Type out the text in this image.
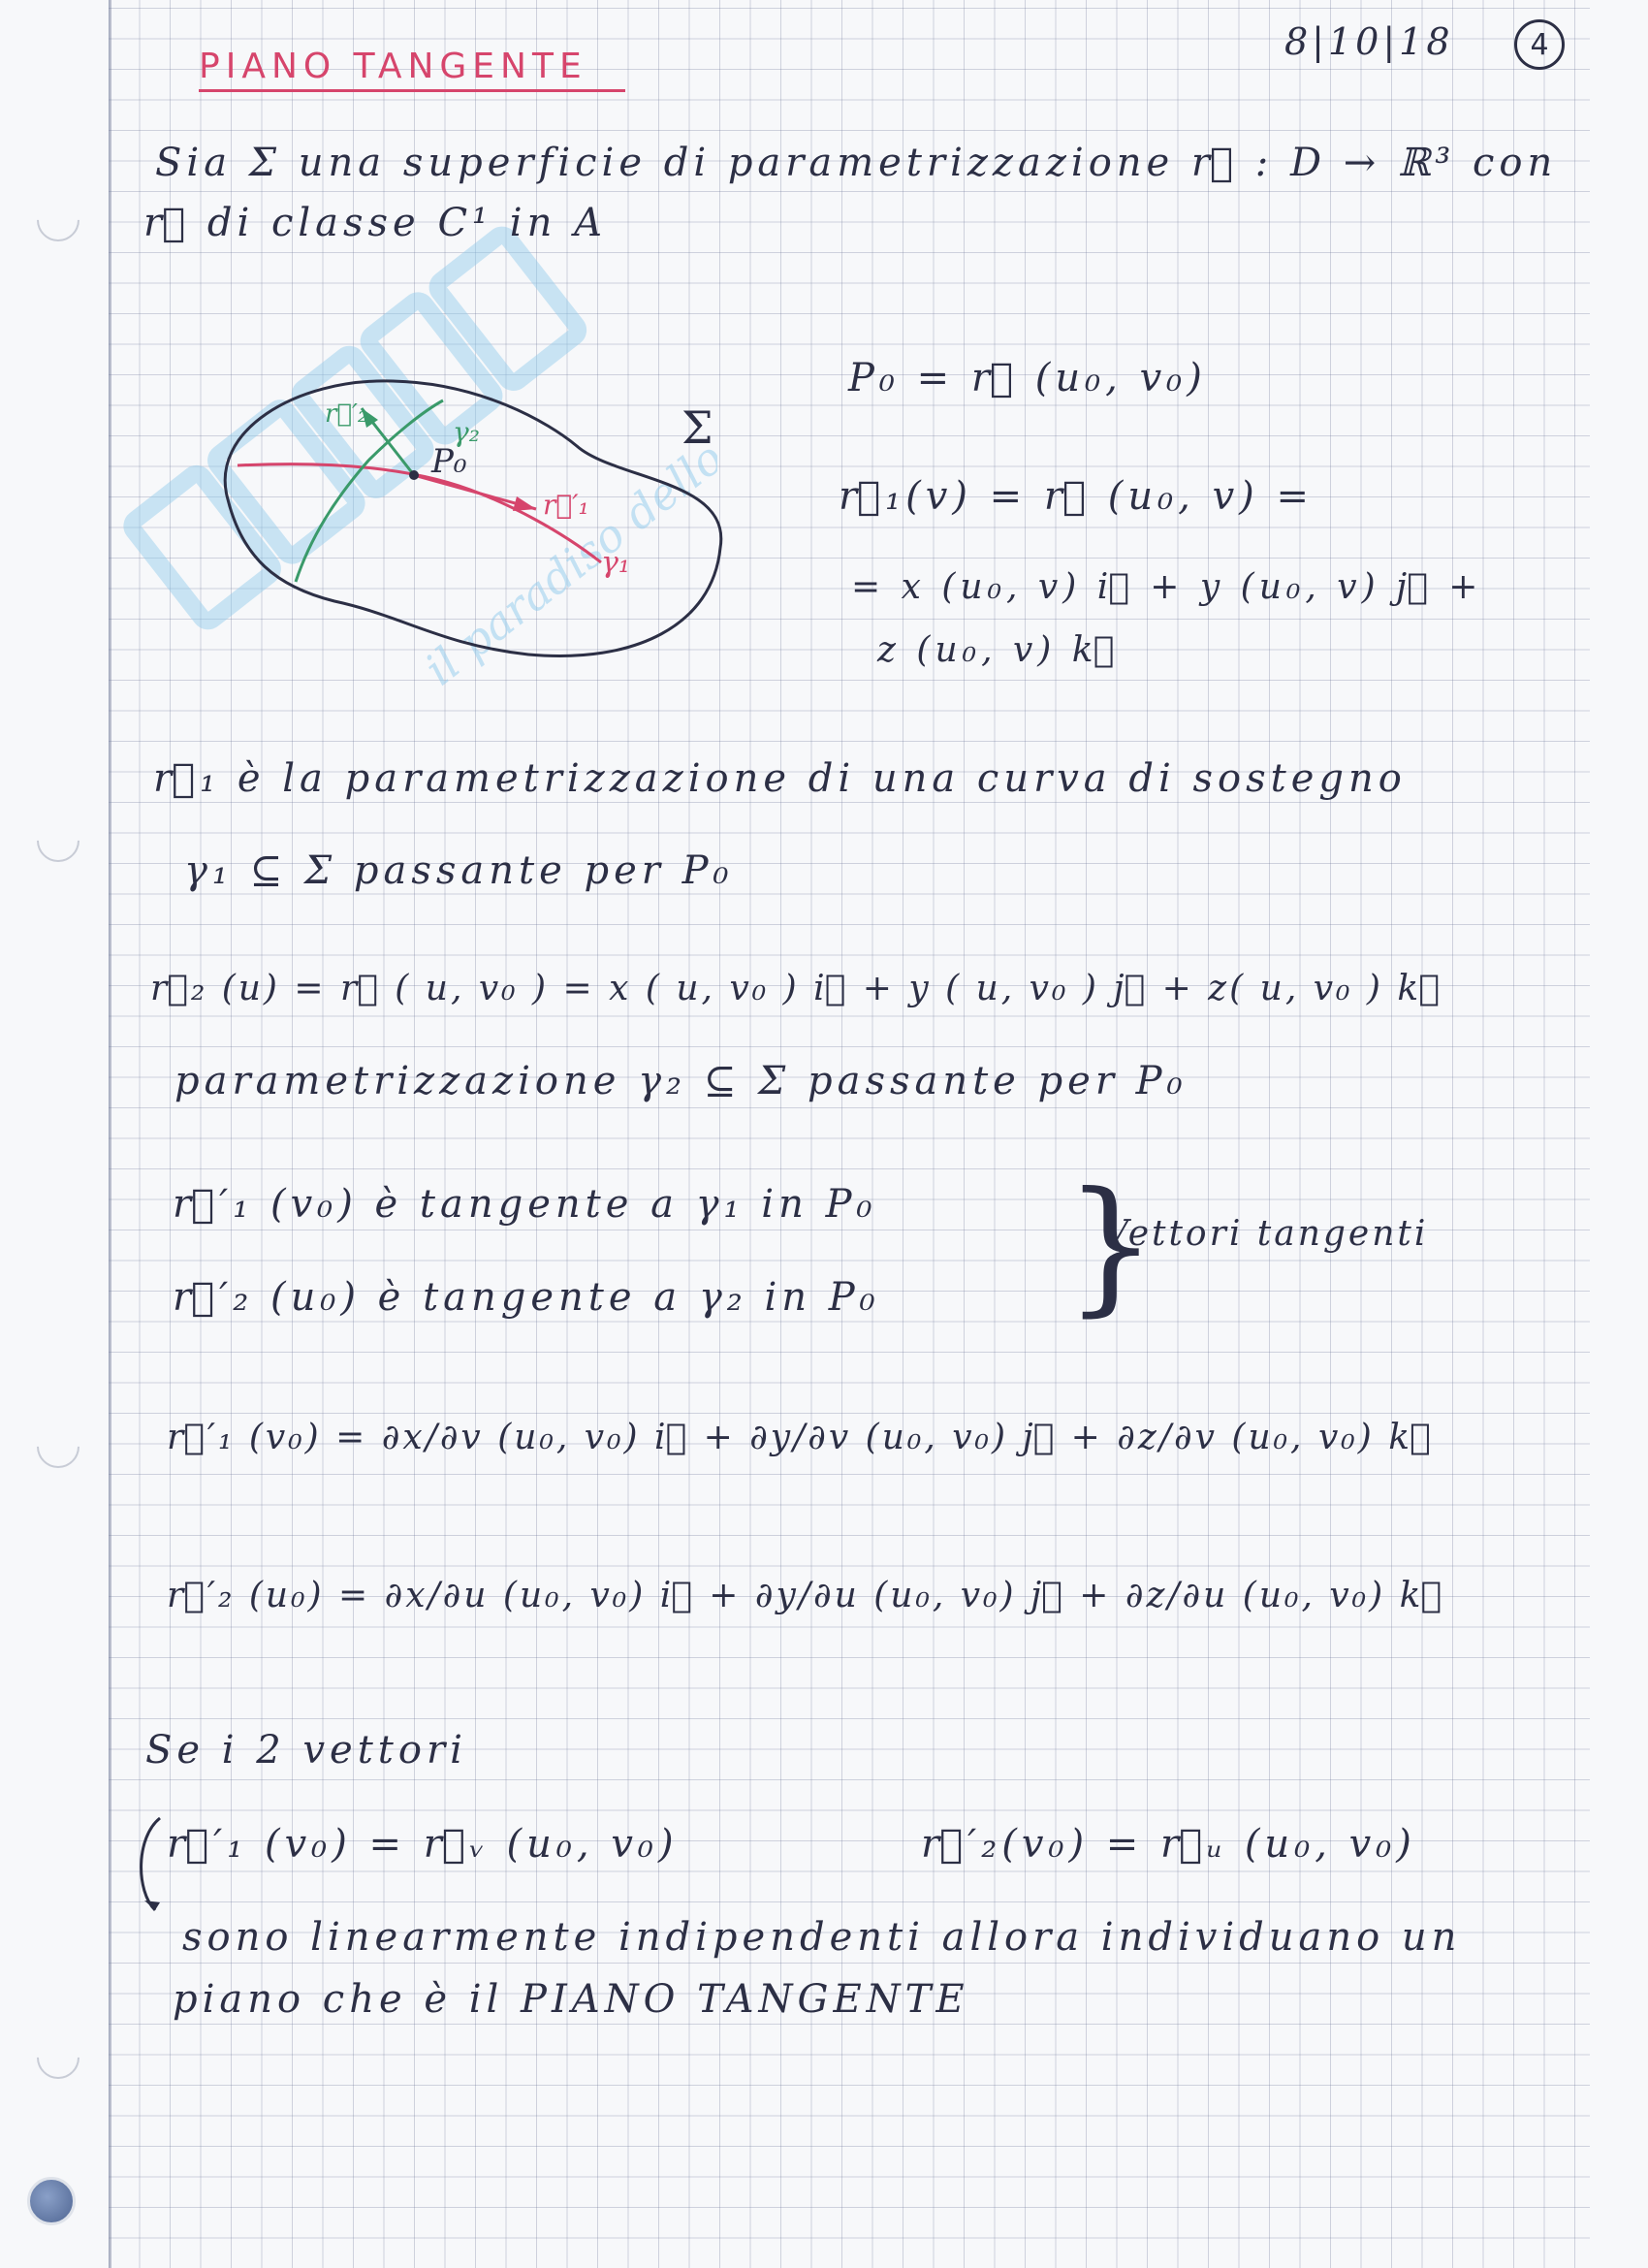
PIANO TANGENTE
8|10|18	4
Sia Σ una superficie di parametrizzazione r⃗ : D → ℝ³ con
r⃗ di classe C¹ in A
P₀
r⃗′₁
γ₁
r⃗′₂
γ₂	Σ
P₀ = r⃗ (u₀, v₀)
r⃗₁(v) = r⃗ (u₀, v) =
= x (u₀, v) i⃗ + y (u₀, v) j⃗ +
z (u₀, v) k⃗
r⃗₁ è la parametrizzazione di una curva di sostegno
γ₁ ⊆ Σ passante per P₀
r⃗₂ (u) = r⃗ ( u, v₀ ) = x ( u, v₀ ) i⃗ + y ( u, v₀ ) j⃗ + z( u, v₀ ) k⃗
parametrizzazione γ₂ ⊆ Σ passante per P₀
r⃗′₁ (v₀) è tangente a γ₁ in P₀
r⃗′₂ (u₀) è tangente a γ₂ in P₀ }
Vettori tangenti
r⃗′₁ (v₀) = ∂x/∂v (u₀, v₀) i⃗ + ∂y/∂v (u₀, v₀) j⃗ + ∂z/∂v (u₀, v₀) k⃗
r⃗′₂ (u₀) = ∂x/∂u (u₀, v₀) i⃗ + ∂y/∂u (u₀, v₀) j⃗ + ∂z/∂u (u₀, v₀) k⃗
Se i 2 vettori
r⃗′₁ (v₀) = r⃗ᵥ (u₀, v₀)	r⃗′₂(v₀) = r⃗ᵤ (u₀, v₀)
sono linearmente indipendenti allora individuano un
piano che è il PIANO TANGENTE
